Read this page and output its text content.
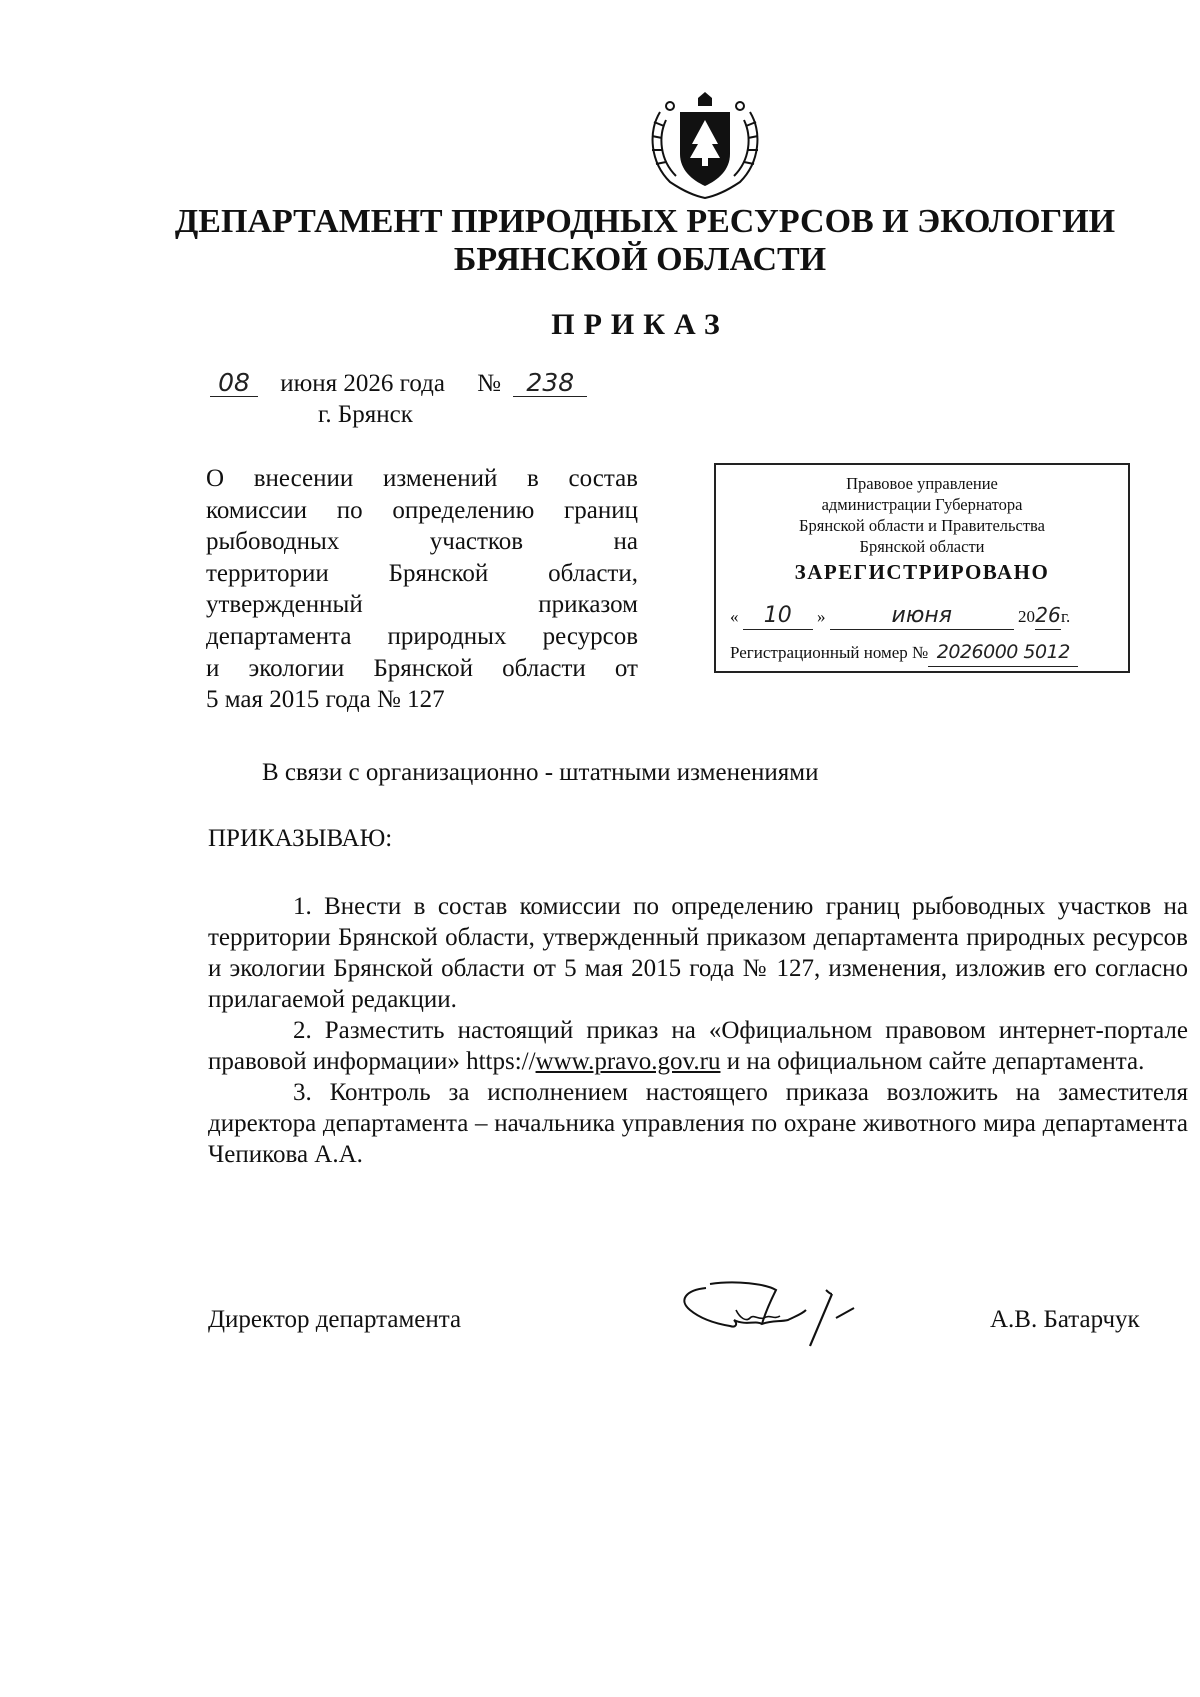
ДЕПАРТАМЕНТ ПРИРОДНЫХ РЕСУРСОВ И ЭКОЛОГИИ
БРЯНСКОЙ ОБЛАСТИ
ПРИКАЗ
08 июня 2026 года № 238
г. Брянск
О внесении изменений в состав
комиссии по определению границ
рыбоводных участков на
территории Брянской области,
утвержденный приказом
департамента природных ресурсов
и экологии Брянской области от
5 мая 2015 года № 127
Правовое управление
администрации Губернатора
Брянской области и Правительства
Брянской области
ЗАРЕГИСТРИРОВАНО
« 10 »	июня	2026г.
Регистрационный номер № 2026000 5012
В связи с организационно - штатными изменениями
ПРИКАЗЫВАЮ:

1. Внести в состав комиссии по определению границ рыбоводных участков на территории Брянской области, утвержденный приказом департамента природных ресурсов и экологии Брянской области от 5 мая 2015 года № 127, изменения, изложив его согласно прилагаемой редакции.

2. Разместить настоящий приказ на «Официальном правовом интернет-портале правовой информации» https://www.pravo.gov.ru и на официальном сайте департамента.

3. Контроль за исполнением настоящего приказа возложить на заместителя директора департамента – начальника управления по охране животного мира департамента Чепикова А.А.

Директор департамента	А.В. Батарчук
